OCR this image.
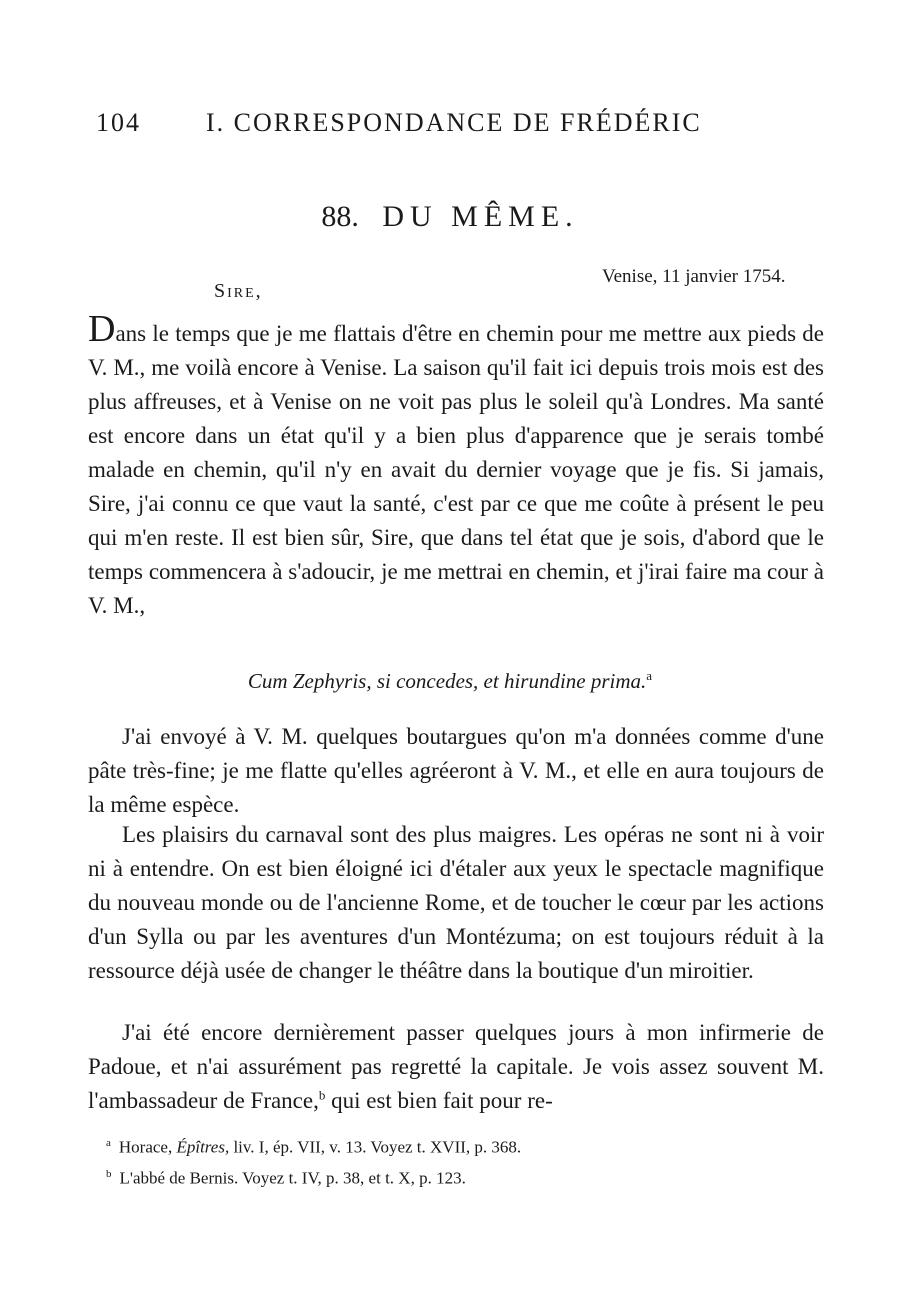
104	I. CORRESPONDANCE DE FRÉDÉRIC
88. DU MÊME.
Venise, 11 janvier 1754.
Sire,
Dans le temps que je me flattais d'être en chemin pour me mettre aux pieds de V. M., me voilà encore à Venise. La saison qu'il fait ici depuis trois mois est des plus affreuses, et à Venise on ne voit pas plus le soleil qu'à Londres. Ma santé est encore dans un état qu'il y a bien plus d'apparence que je serais tombé malade en chemin, qu'il n'y en avait du dernier voyage que je fis. Si jamais, Sire, j'ai connu ce que vaut la santé, c'est par ce que me coûte à présent le peu qui m'en reste. Il est bien sûr, Sire, que dans tel état que je sois, d'abord que le temps commencera à s'adoucir, je me mettrai en chemin, et j'irai faire ma cour à V. M.,
Cum Zephyris, si concedes, et hirundine prima.$^a$
J'ai envoyé à V. M. quelques boutargues qu'on m'a données comme d'une pâte très-fine; je me flatte qu'elles agréeront à V. M., et elle en aura toujours de la même espèce.
Les plaisirs du carnaval sont des plus maigres. Les opéras ne sont ni à voir ni à entendre. On est bien éloigné ici d'étaler aux yeux le spectacle magnifique du nouveau monde ou de l'ancienne Rome, et de toucher le cœur par les actions d'un Sylla ou par les aventures d'un Montézuma; on est toujours réduit à la ressource déjà usée de changer le théâtre dans la boutique d'un miroitier.
J'ai été encore dernièrement passer quelques jours à mon infirmerie de Padoue, et n'ai assurément pas regretté la capitale. Je vois assez souvent M. l'ambassadeur de France,$^b$ qui est bien fait pour re-
$^a$ Horace, Épîtres, liv. I, ép. VII, v. 13. Voyez t. XVII, p. 368.
$^b$ L'abbé de Bernis. Voyez t. IV, p. 38, et t. X, p. 123.
